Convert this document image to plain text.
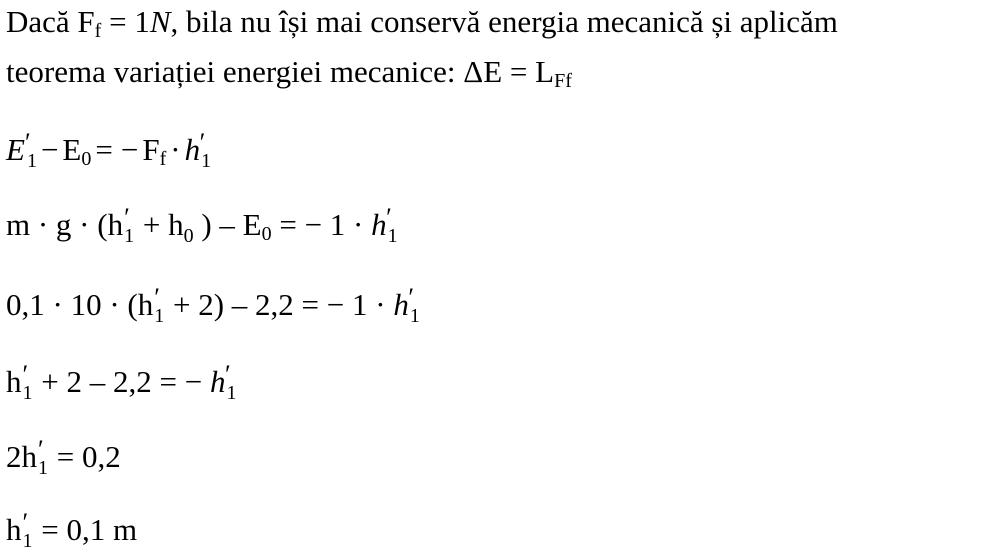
Dacă Ff = 1N, bila nu își mai conservă energia mecanică și aplicăm
teorema variației energiei mecanice: ΔE = LFf
E ′
$_1$ − E0 = − Ff · h ′
$_1$
m · g · (h ′
$_1 + h_0$ ) – E0 = − 1 · h ′
$_1$
0,1 · 10 · (h ′
$_1$ + 2) – 2,2 = − 1 · h ′
$_1$
h ′
$_1$ + 2 – 2,2 = − h ′
$_1$
2h ′
$_1$ = 0,2
h ′
$_1$ = 0,1 m
